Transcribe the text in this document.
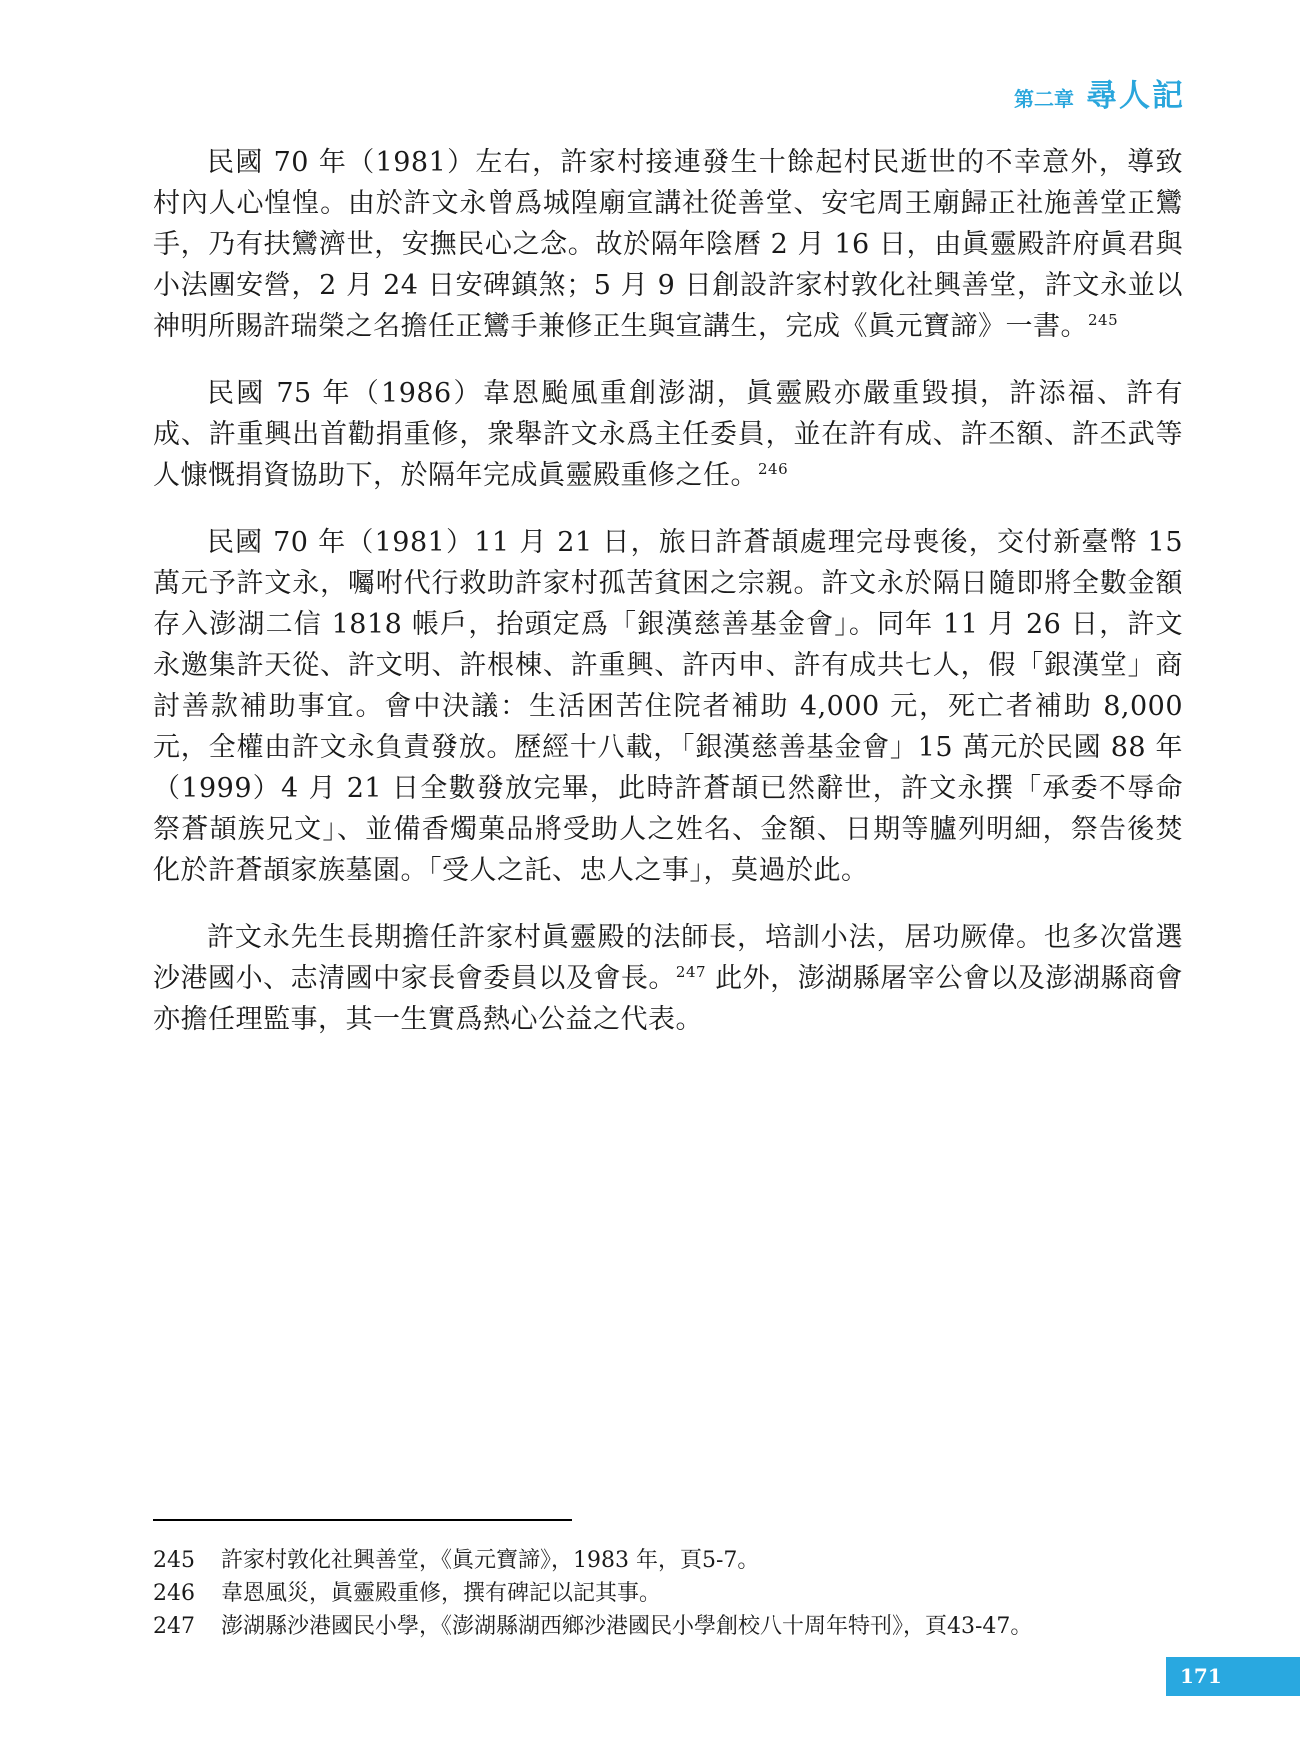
第二章 尋人記

民國 70 年（1981）左右，許家村接連發生十餘起村民逝世的不幸意外，導致村內人心惶惶。由於許文永曾爲城隍廟宣講社從善堂、安宅周王廟歸正社施善堂正鸞手，乃有扶鸞濟世，安撫民心之念。故於隔年陰曆 2 月 16 日，由眞靈殿許府眞君與小法團安營，2 月 24 日安碑鎮煞；5 月 9 日創設許家村敦化社興善堂，許文永並以神明所賜許瑞榮之名擔任正鸞手兼修正生與宣講生，完成《眞元寶諦》一書。$^{245}$

民國 75 年（1986）韋恩颱風重創澎湖，眞靈殿亦嚴重毀損，許添福、許有成、許重興出首勸捐重修，衆舉許文永爲主任委員，並在許有成、許丕額、許丕武等人慷慨捐資協助下，於隔年完成眞靈殿重修之任。$^{246}$

民國 70 年（1981）11 月 21 日，旅日許蒼頡處理完母喪後，交付新臺幣 15 萬元予許文永，囑咐代行救助許家村孤苦貧困之宗親。許文永於隔日隨即將全數金額存入澎湖二信 1818 帳戶，抬頭定爲「銀漢慈善基金會」。同年 11 月 26 日，許文永邀集許天從、許文明、許根棟、許重興、許丙申、許有成共七人，假「銀漢堂」商討善款補助事宜。會中決議：生活困苦住院者補助 4,000 元，死亡者補助 8,000 元，全權由許文永負責發放。歷經十八載，「銀漢慈善基金會」15 萬元於民國 88 年（1999）4 月 21 日全數發放完畢，此時許蒼頡已然辭世，許文永撰「承委不辱命祭蒼頡族兄文」、並備香燭菓品將受助人之姓名、金額、日期等臚列明細，祭告後焚化於許蒼頡家族墓園。「受人之託、忠人之事」，莫過於此。

許文永先生長期擔任許家村眞靈殿的法師長，培訓小法，居功厥偉。也多次當選沙港國小、志清國中家長會委員以及會長。$^{247}$ 此外，澎湖縣屠宰公會以及澎湖縣商會亦擔任理監事，其一生實爲熱心公益之代表。

245	許家村敦化社興善堂，《眞元寶諦》，1983 年，頁5-7。
246	韋恩風災，眞靈殿重修，撰有碑記以記其事。
247	澎湖縣沙港國民小學，《澎湖縣湖西鄉沙港國民小學創校八十周年特刊》，頁43-47。
171
